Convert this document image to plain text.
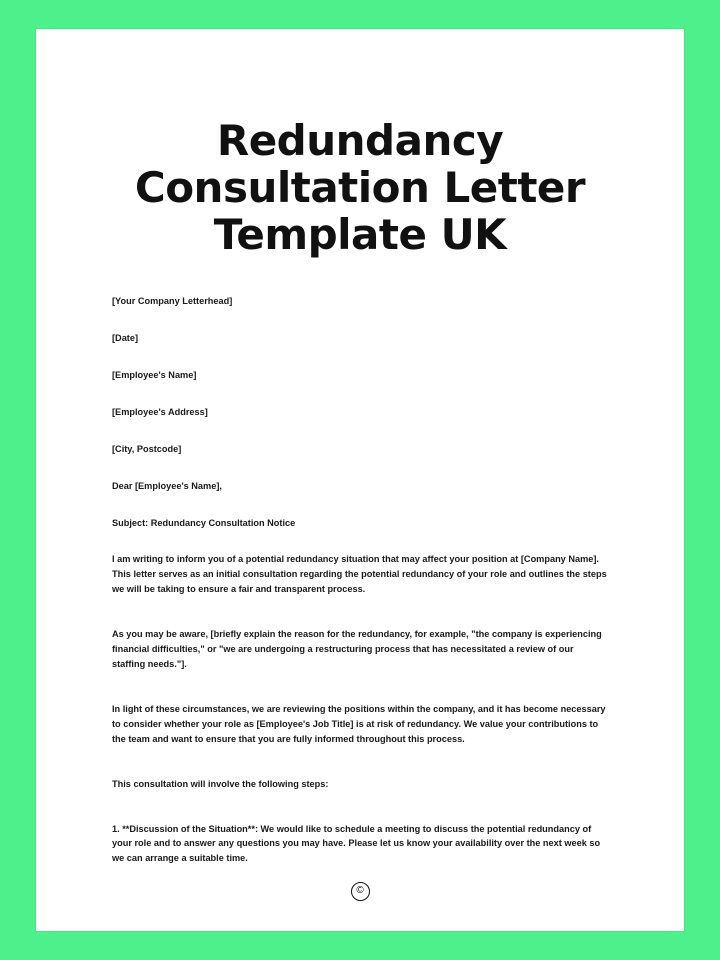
Redundancy Consultation Letter Template UK

[Your Company Letterhead]

[Date]

[Employee's Name]

[Employee's Address]

[City, Postcode]

Dear [Employee's Name],

Subject: Redundancy Consultation Notice

I am writing to inform you of a potential redundancy situation that may affect your position at [Company Name]. This letter serves as an initial consultation regarding the potential redundancy of your role and outlines the steps we will be taking to ensure a fair and transparent process.

As you may be aware, [briefly explain the reason for the redundancy, for example, "the company is experiencing financial difficulties," or "we are undergoing a restructuring process that has necessitated a review of our staffing needs."].

In light of these circumstances, we are reviewing the positions within the company, and it has become necessary to consider whether your role as [Employee's Job Title] is at risk of redundancy. We value your contributions to the team and want to ensure that you are fully informed throughout this process.

This consultation will involve the following steps:

1. **Discussion of the Situation**: We would like to schedule a meeting to discuss the potential redundancy of your role and to answer any questions you may have. Please let us know your availability over the next week so we can arrange a suitable time.

©
